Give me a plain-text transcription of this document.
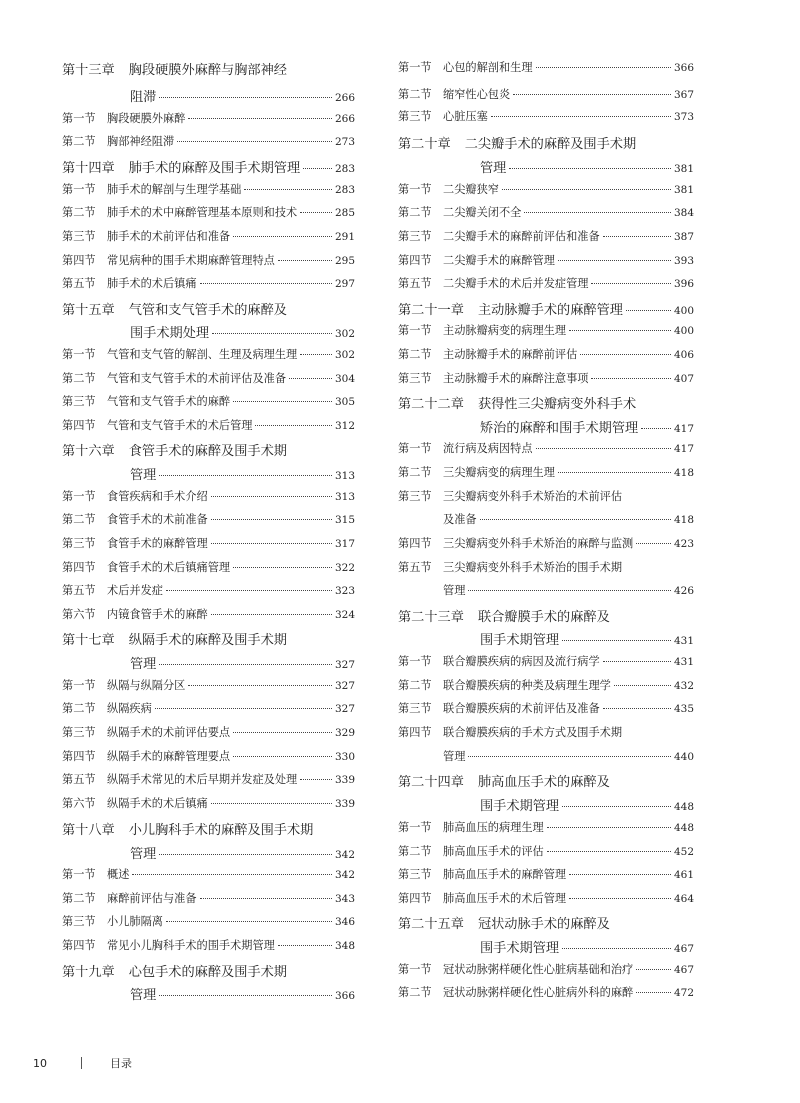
第十三章 胸段硬膜外麻醉与胸部神经
阻滞	266
第一节	胸段硬膜外麻醉	266
第二节	胸部神经阻滞	273
第十四章 肺手术的麻醉及围手术期管理	283
第一节	肺手术的解剖与生理学基础	283
第二节	肺手术的术中麻醉管理基本原则和技术	285
第三节	肺手术的术前评估和准备	291
第四节	常见病种的围手术期麻醉管理特点	295
第五节	肺手术的术后镇痛	297
第十五章 气管和支气管手术的麻醉及
围手术期处理	302
第一节	气管和支气管的解剖、生理及病理生理	302
第二节	气管和支气管手术的术前评估及准备	304
第三节	气管和支气管手术的麻醉	305
第四节	气管和支气管手术的术后管理	312
第十六章 食管手术的麻醉及围手术期
管理	313
第一节	食管疾病和手术介绍	313
第二节	食管手术的术前准备	315
第三节	食管手术的麻醉管理	317
第四节	食管手术的术后镇痛管理	322
第五节	术后并发症	323
第六节	内镜食管手术的麻醉	324
第十七章 纵隔手术的麻醉及围手术期
管理	327
第一节	纵隔与纵隔分区	327
第二节	纵隔疾病	327
第三节	纵隔手术的术前评估要点	329
第四节	纵隔手术的麻醉管理要点	330
第五节	纵隔手术常见的术后早期并发症及处理	339
第六节	纵隔手术的术后镇痛	339
第十八章 小儿胸科手术的麻醉及围手术期
管理	342
第一节	概述	342
第二节	麻醉前评估与准备	343
第三节	小儿肺隔离	346
第四节	常见小儿胸科手术的围手术期管理	348
第十九章 心包手术的麻醉及围手术期
管理	366
第一节	心包的解剖和生理	366
第二节	缩窄性心包炎	367
第三节	心脏压塞	373
第二十章 二尖瓣手术的麻醉及围手术期
管理	381
第一节	二尖瓣狭窄	381
第二节	二尖瓣关闭不全	384
第三节	二尖瓣手术的麻醉前评估和准备	387
第四节	二尖瓣手术的麻醉管理	393
第五节	二尖瓣手术的术后并发症管理	396
第二十一章 主动脉瓣手术的麻醉管理	400
第一节	主动脉瓣病变的病理生理	400
第二节	主动脉瓣手术的麻醉前评估	406
第三节	主动脉瓣手术的麻醉注意事项	407
第二十二章 获得性三尖瓣病变外科手术
矫治的麻醉和围手术期管理	417
第一节	流行病及病因特点	417
第二节	三尖瓣病变的病理生理	418
第三节	三尖瓣病变外科手术矫治的术前评估
及准备	418
第四节	三尖瓣病变外科手术矫治的麻醉与监测	423
第五节	三尖瓣病变外科手术矫治的围手术期
管理	426
第二十三章 联合瓣膜手术的麻醉及
围手术期管理	431
第一节	联合瓣膜疾病的病因及流行病学	431
第二节	联合瓣膜疾病的种类及病理生理学	432
第三节	联合瓣膜疾病的术前评估及准备	435
第四节	联合瓣膜疾病的手术方式及围手术期
管理	440
第二十四章 肺高血压手术的麻醉及
围手术期管理	448
第一节	肺高血压的病理生理	448
第二节	肺高血压手术的评估	452
第三节	肺高血压手术的麻醉管理	461
第四节	肺高血压手术的术后管理	464
第二十五章 冠状动脉手术的麻醉及
围手术期管理	467
第一节	冠状动脉粥样硬化性心脏病基础和治疗	467
第二节	冠状动脉粥样硬化性心脏病外科的麻醉	472
10	目录
